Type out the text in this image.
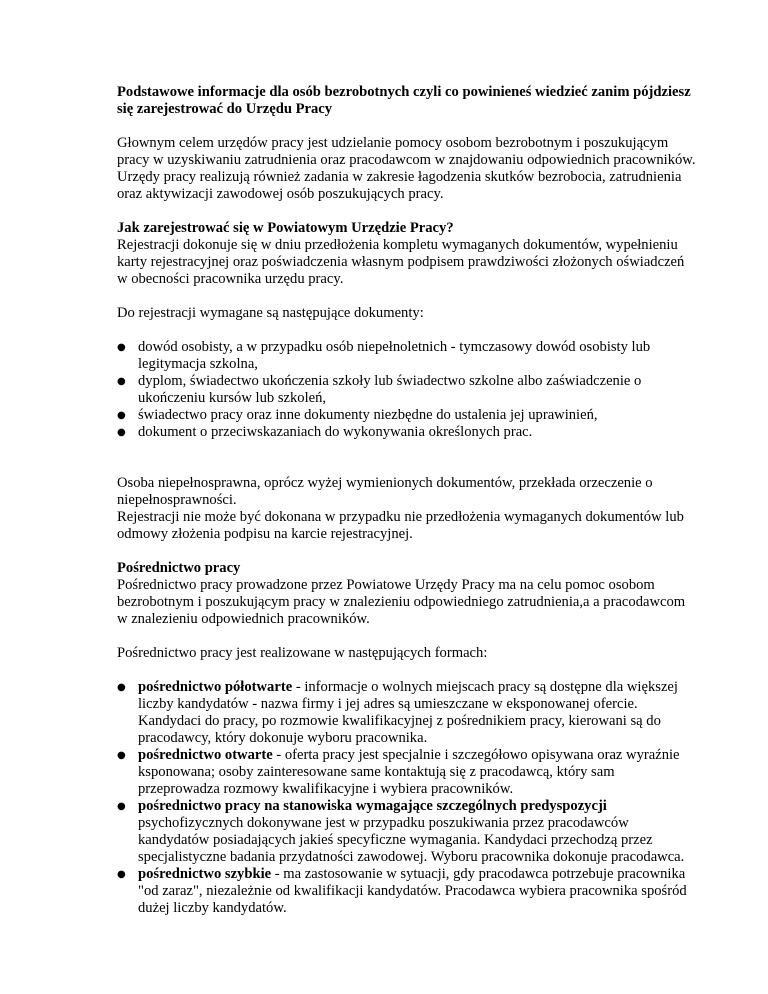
Podstawowe informacje dla osób bezrobotnych czyli co powinieneś wiedzieć zanim pójdziesz się zarejestrować do Urzędu Pracy

Głownym celem urzędów pracy jest udzielanie pomocy osobom bezrobotnym i poszukującym pracy w uzyskiwaniu zatrudnienia oraz pracodawcom w znajdowaniu odpowiednich pracowników. Urzędy pracy realizują również zadania w zakresie łagodzenia skutków bezrobocia, zatrudnienia oraz aktywizacji zawodowej osób poszukujących pracy.

Jak zarejestrować się w Powiatowym Urzędzie Pracy?

Rejestracji dokonuje się w dniu przedłożenia kompletu wymaganych dokumentów, wypełnieniu karty rejestracyjnej oraz poświadczenia własnym podpisem prawdziwości złożonych oświadczeń w obecności pracownika urzędu pracy.

Do rejestracji wymagane są następujące dokumenty:

● dowód osobisty, a w przypadku osób niepełnoletnich - tymczasowy dowód osobisty lub legitymacja szkolna,
● dyplom, świadectwo ukończenia szkoły lub świadectwo szkolne albo zaświadczenie o ukończeniu kursów lub szkoleń,
● świadectwo pracy oraz inne dokumenty niezbędne do ustalenia jej uprawinień,
● dokument o przeciwskazaniach do wykonywania określonych prac.

Osoba niepełnosprawna, oprócz wyżej wymienionych dokumentów, przekłada orzeczenie o niepełnosprawności.

Rejestracji nie może być dokonana w przypadku nie przedłożenia wymaganych dokumentów lub odmowy złożenia podpisu na karcie rejestracyjnej.

Pośrednictwo pracy

Pośrednictwo pracy prowadzone przez Powiatowe Urzędy Pracy ma na celu pomoc osobom bezrobotnym i poszukującym pracy w znalezieniu odpowiedniego zatrudnienia,a a pracodawcom w znalezieniu odpowiednich pracowników.

Pośrednictwo pracy jest realizowane w następujących formach:

● pośrednictwo półotwarte - informacje o wolnych miejscach pracy są dostępne dla większej liczby kandydatów - nazwa firmy i jej adres są umieszczane w eksponowanej ofercie. Kandydaci do pracy, po rozmowie kwalifikacyjnej z pośrednikiem pracy, kierowani są do pracodawcy, który dokonuje wyboru pracownika.
● pośrednictwo otwarte - oferta pracy jest specjalnie i szczegółowo opisywana oraz wyraźnie ksponowana; osoby zainteresowane same kontaktują się z pracodawcą, który sam przeprowadza rozmowy kwalifikacyjne i wybiera pracowników.
● pośrednictwo pracy na stanowiska wymagające szczególnych predyspozycji psychofizycznych dokonywane jest w przypadku poszukiwania przez pracodawców kandydatów posiadających jakieś specyficzne wymagania. Kandydaci przechodzą przez specjalistyczne badania przydatności zawodowej. Wyboru pracownika dokonuje pracodawca.
● pośrednictwo szybkie - ma zastosowanie w sytuacji, gdy pracodawca potrzebuje pracownika "od zaraz", niezależnie od kwalifikacji kandydatów. Pracodawca wybiera pracownika spośród dużej liczby kandydatów.
